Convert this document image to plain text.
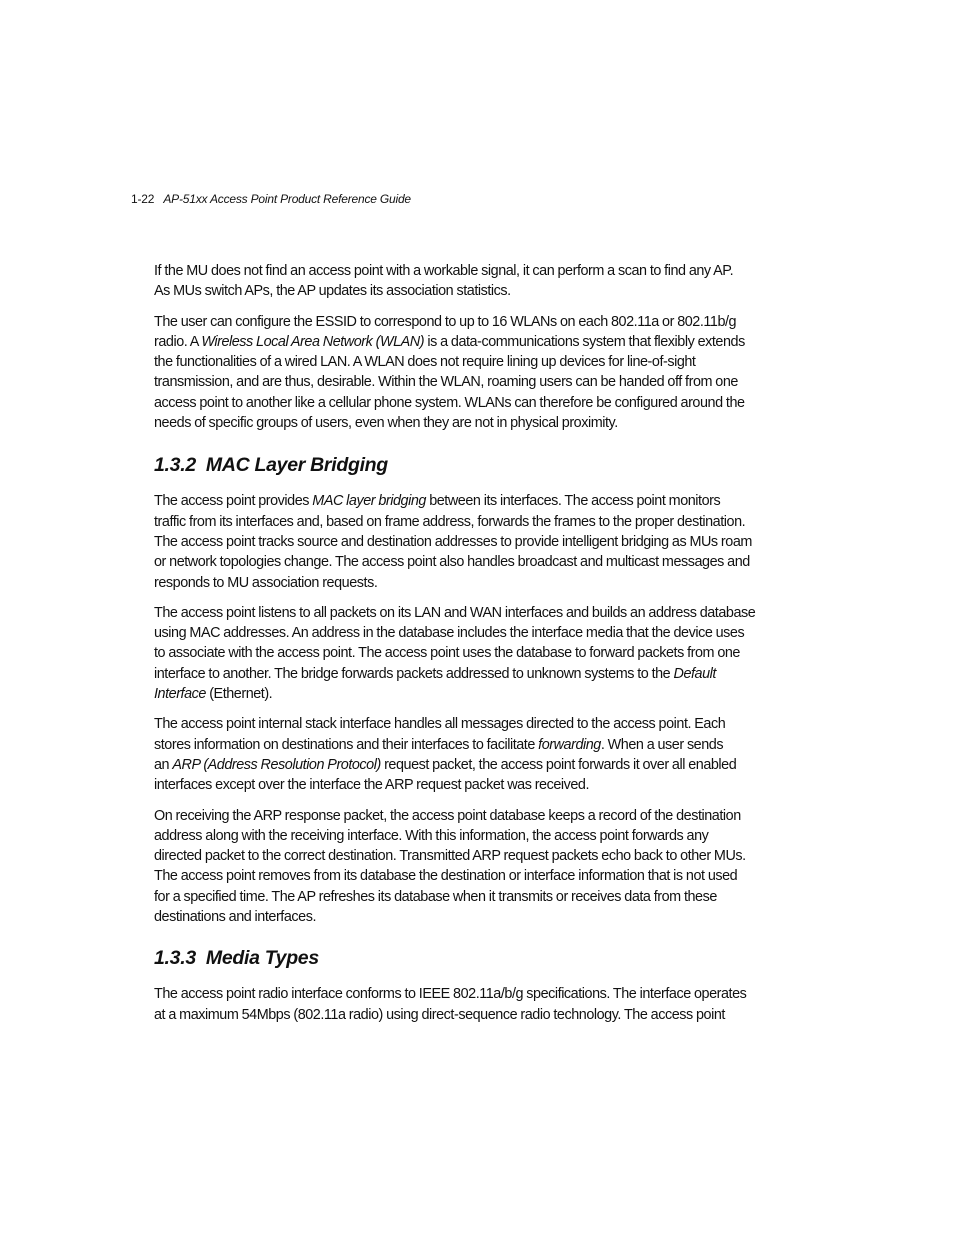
1-22 AP-51xx Access Point Product Reference Guide

If the MU does not find an access point with a workable signal, it can perform a scan to find any AP.
As MUs switch APs, the AP updates its association statistics.

The user can configure the ESSID to correspond to up to 16 WLANs on each 802.11a or 802.11b/g
radio. A Wireless Local Area Network (WLAN) is a data-communications system that flexibly extends
the functionalities of a wired LAN. A WLAN does not require lining up devices for line-of-sight
transmission, and are thus, desirable. Within the WLAN, roaming users can be handed off from one
access point to another like a cellular phone system. WLANs can therefore be configured around the
needs of specific groups of users, even when they are not in physical proximity.

1.3.2 MAC Layer Bridging

The access point provides MAC layer bridging between its interfaces. The access point monitors
traffic from its interfaces and, based on frame address, forwards the frames to the proper destination.
The access point tracks source and destination addresses to provide intelligent bridging as MUs roam
or network topologies change. The access point also handles broadcast and multicast messages and
responds to MU association requests.

The access point listens to all packets on its LAN and WAN interfaces and builds an address database
using MAC addresses. An address in the database includes the interface media that the device uses
to associate with the access point. The access point uses the database to forward packets from one
interface to another. The bridge forwards packets addressed to unknown systems to the Default
Interface (Ethernet).

The access point internal stack interface handles all messages directed to the access point. Each
stores information on destinations and their interfaces to facilitate forwarding. When a user sends
an ARP (Address Resolution Protocol) request packet, the access point forwards it over all enabled
interfaces except over the interface the ARP request packet was received.

On receiving the ARP response packet, the access point database keeps a record of the destination
address along with the receiving interface. With this information, the access point forwards any
directed packet to the correct destination. Transmitted ARP request packets echo back to other MUs.
The access point removes from its database the destination or interface information that is not used
for a specified time. The AP refreshes its database when it transmits or receives data from these
destinations and interfaces.

1.3.3 Media Types

The access point radio interface conforms to IEEE 802.11a/b/g specifications. The interface operates
at a maximum 54Mbps (802.11a radio) using direct-sequence radio technology. The access point
